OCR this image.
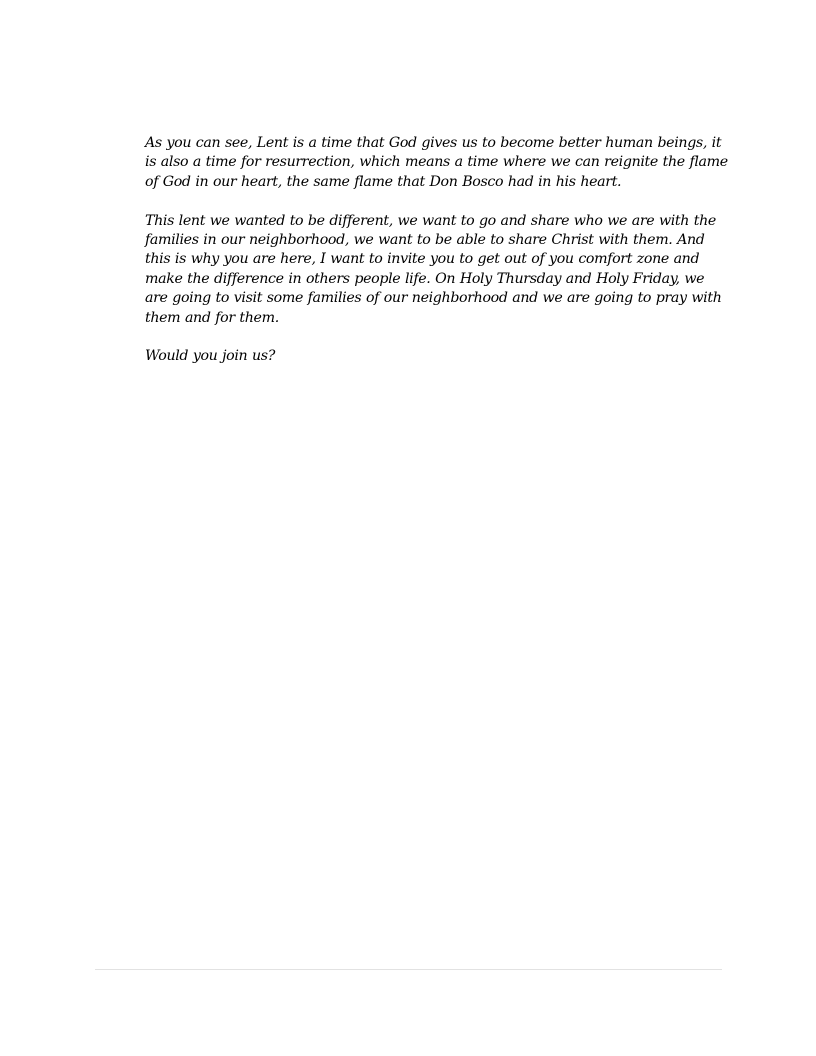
As you can see, Lent is a time that God gives us to become better human beings, it is also a time for resurrection, which means a time where we can reignite the flame of God in our heart, the same flame that Don Bosco had in his heart.

This lent we wanted to be different, we want to go and share who we are with the families in our neighborhood, we want to be able to share Christ with them. And this is why you are here, I want to invite you to get out of you comfort zone and make the difference in others people life. On Holy Thursday and Holy Friday, we are going to visit some families of our neighborhood and we are going to pray with them and for them.

Would you join us?
